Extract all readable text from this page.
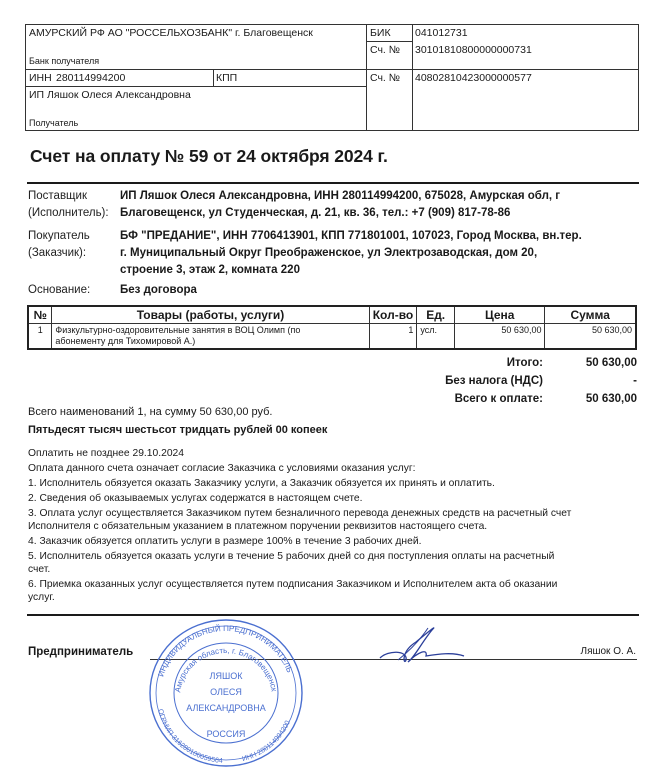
АМУРСКИЙ РФ АО "РОССЕЛЬХОЗБАНК" г. Благовещенск
Банк получателя
БИК 041012731
Сч. № 30101810800000000731
ИНН 280114994200	КПП	Сч. № 40802810423000000577
ИП Ляшок Олеся Александровна
Получатель
Счет на оплату № 59 от 24 октября 2024 г.
Поставщик
(Исполнитель):
ИП Ляшок Олеся Александровна, ИНН 280114994200, 675028, Амурская обл, г
Благовещенск, ул Студенческая, д. 21, кв. 36, тел.: +7 (909) 817-78-86
Покупатель
(Заказчик):
БФ "ПРЕДАНИЕ", ИНН 7706413901, КПП 771801001, 107023, Город Москва, вн.тер.
г. Муниципальный Округ Преображенское, ул Электрозаводская, дом 20,
строение 3, этаж 2, комната 220
Основание:	Без договора
№	Товары (работы, услуги)	Кол-во	Ед.	Цена	Сумма
1	Физкультурно-оздоровительные занятия в ВОЦ Олимп (по
абонементу для Тихомировой А.)	1	усл.	50 630,00	50 630,00
Итого:	50 630,00
Без налога (НДС)	-
Всего к оплате:	50 630,00
Всего наименований 1, на сумму 50 630,00 руб.
Пятьдесят тысяч шестьсот тридцать рублей 00 копеек
Оплатить не позднее 29.10.2024
Оплата данного счета означает согласие Заказчика с условиями оказания услуг:
1. Исполнитель обязуется оказать Заказчику услуги, а Заказчик обязуется их принять и оплатить.
2. Сведения об оказываемых услугах содержатся в настоящем счете.
3. Оплата услуг осуществляется Заказчиком путем безналичного перевода денежных средств на расчетный счет
Исполнителя с обязательным указанием в платежном поручении реквизитов настоящего счета.
4. Заказчик обязуется оплатить услуги в размере 100% в течение 3 рабочих дней.
5. Исполнитель обязуется оказать услуги в течение 5 рабочих дней со дня поступления оплаты на расчетный
счет.
6. Приемка оказанных услуг осуществляется путем подписания Заказчиком и Исполнителем акта об оказании
услуг.
Предприниматель	Ляшок О. А.
ИНДИВИДУАЛЬНЫЙ ПРЕДПРИНИМАТЕЛЬ
ОГРНИП 316280100059564	ИНН 280114994200
Амурская область, г. Благовещенск
ЛЯШОК
ОЛЕСЯ
АЛЕКСАНДРОВНА
РОССИЯ
